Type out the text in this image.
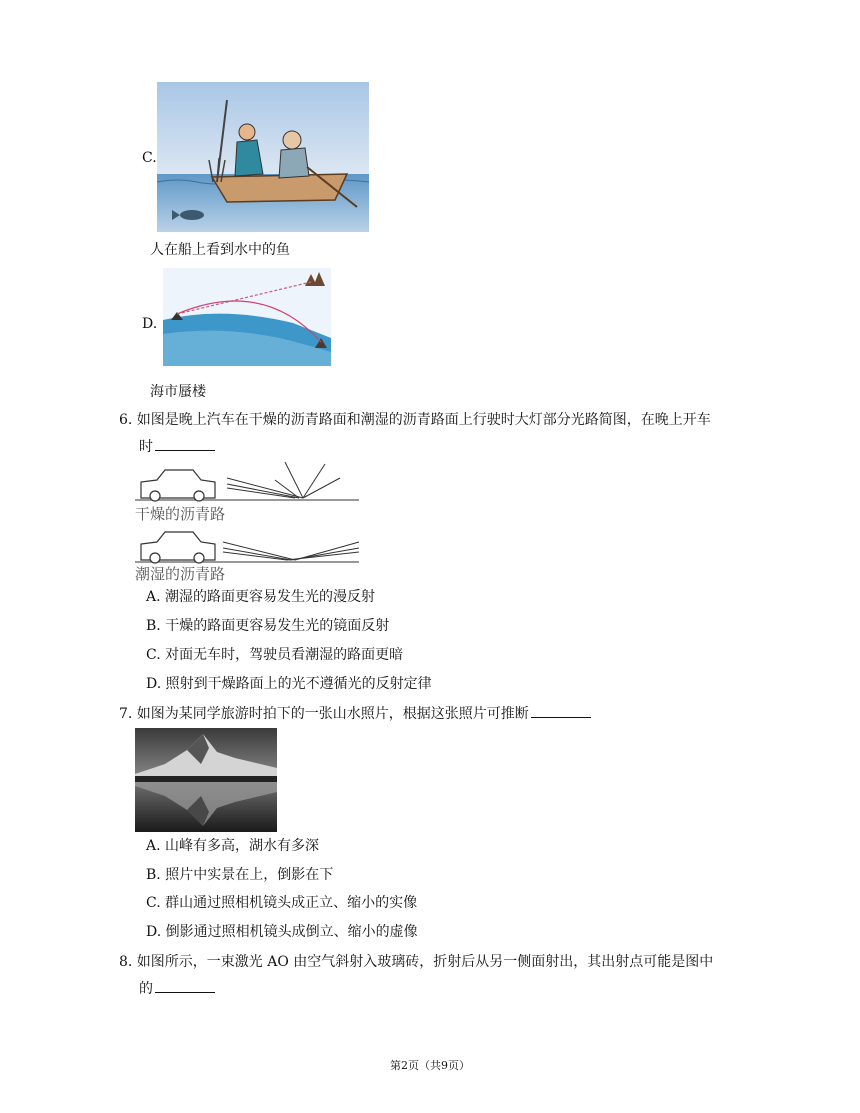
C.
人在船上看到水中的鱼
D.
海市蜃楼
6. 如图是晚上汽车在干燥的沥青路面和潮湿的沥青路面上行驶时大灯部分光路简图，在晚上开车
时
干燥的沥青路
潮湿的沥青路
A. 潮湿的路面更容易发生光的漫反射
B. 干燥的路面更容易发生光的镜面反射
C. 对面无车时，驾驶员看潮湿的路面更暗
D. 照射到干燥路面上的光不遵循光的反射定律
7. 如图为某同学旅游时拍下的一张山水照片，根据这张照片可推断
A. 山峰有多高，湖水有多深
B. 照片中实景在上，倒影在下
C. 群山通过照相机镜头成正立、缩小的实像
D. 倒影通过照相机镜头成倒立、缩小的虚像
8. 如图所示，一束激光 AO 由空气斜射入玻璃砖，折射后从另一侧面射出，其出射点可能是图中
的
第2页（共9页）
